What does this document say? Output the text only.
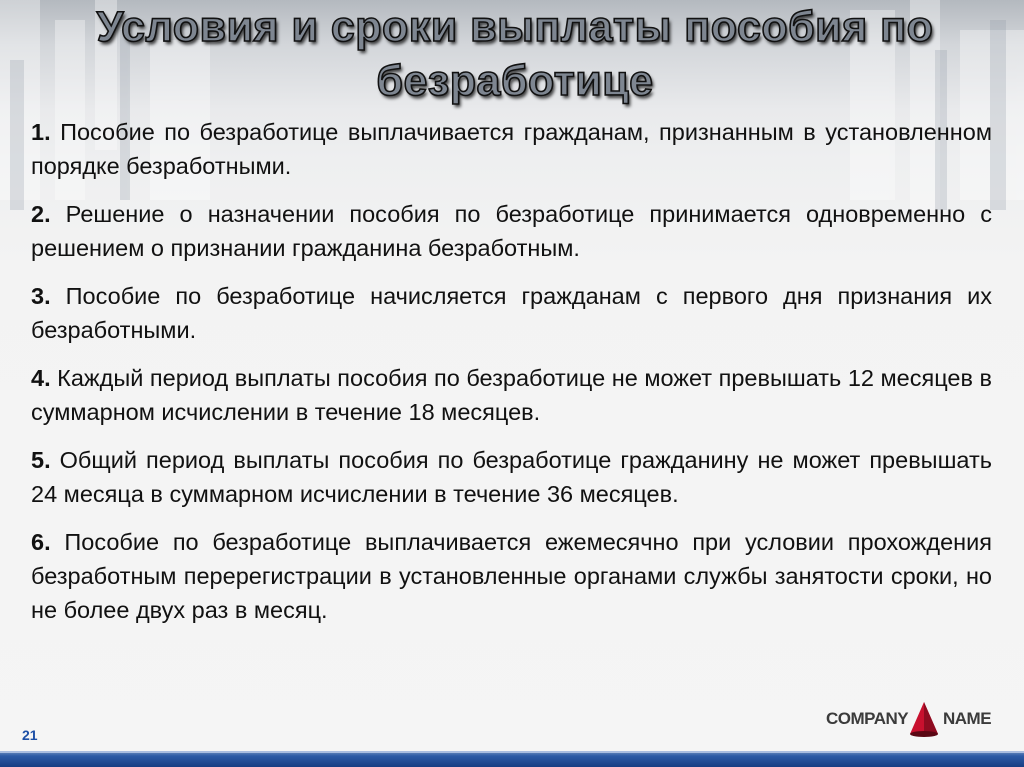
Условия и сроки выплаты пособия по
безработице

1. Пособие по безработице выплачивается гражданам, признанным в установленном порядке безработными.

2. Решение о назначении пособия по безработице принимается одновременно с решением о признании гражданина безработным.

3. Пособие по безработице начисляется гражданам с первого дня признания их безработными.

4. Каждый период выплаты пособия по безработице не может превышать 12 месяцев в суммарном исчислении в течение 18 месяцев.

5. Общий период выплаты пособия по безработице гражданину не может превышать 24 месяца в суммарном исчислении в течение 36 месяцев.

6. Пособие по безработице выплачивается ежемесячно при условии прохождения безработным перерегистрации в установленные органами службы занятости сроки, но не более двух раз в месяц.

21
COMPANY NAME
